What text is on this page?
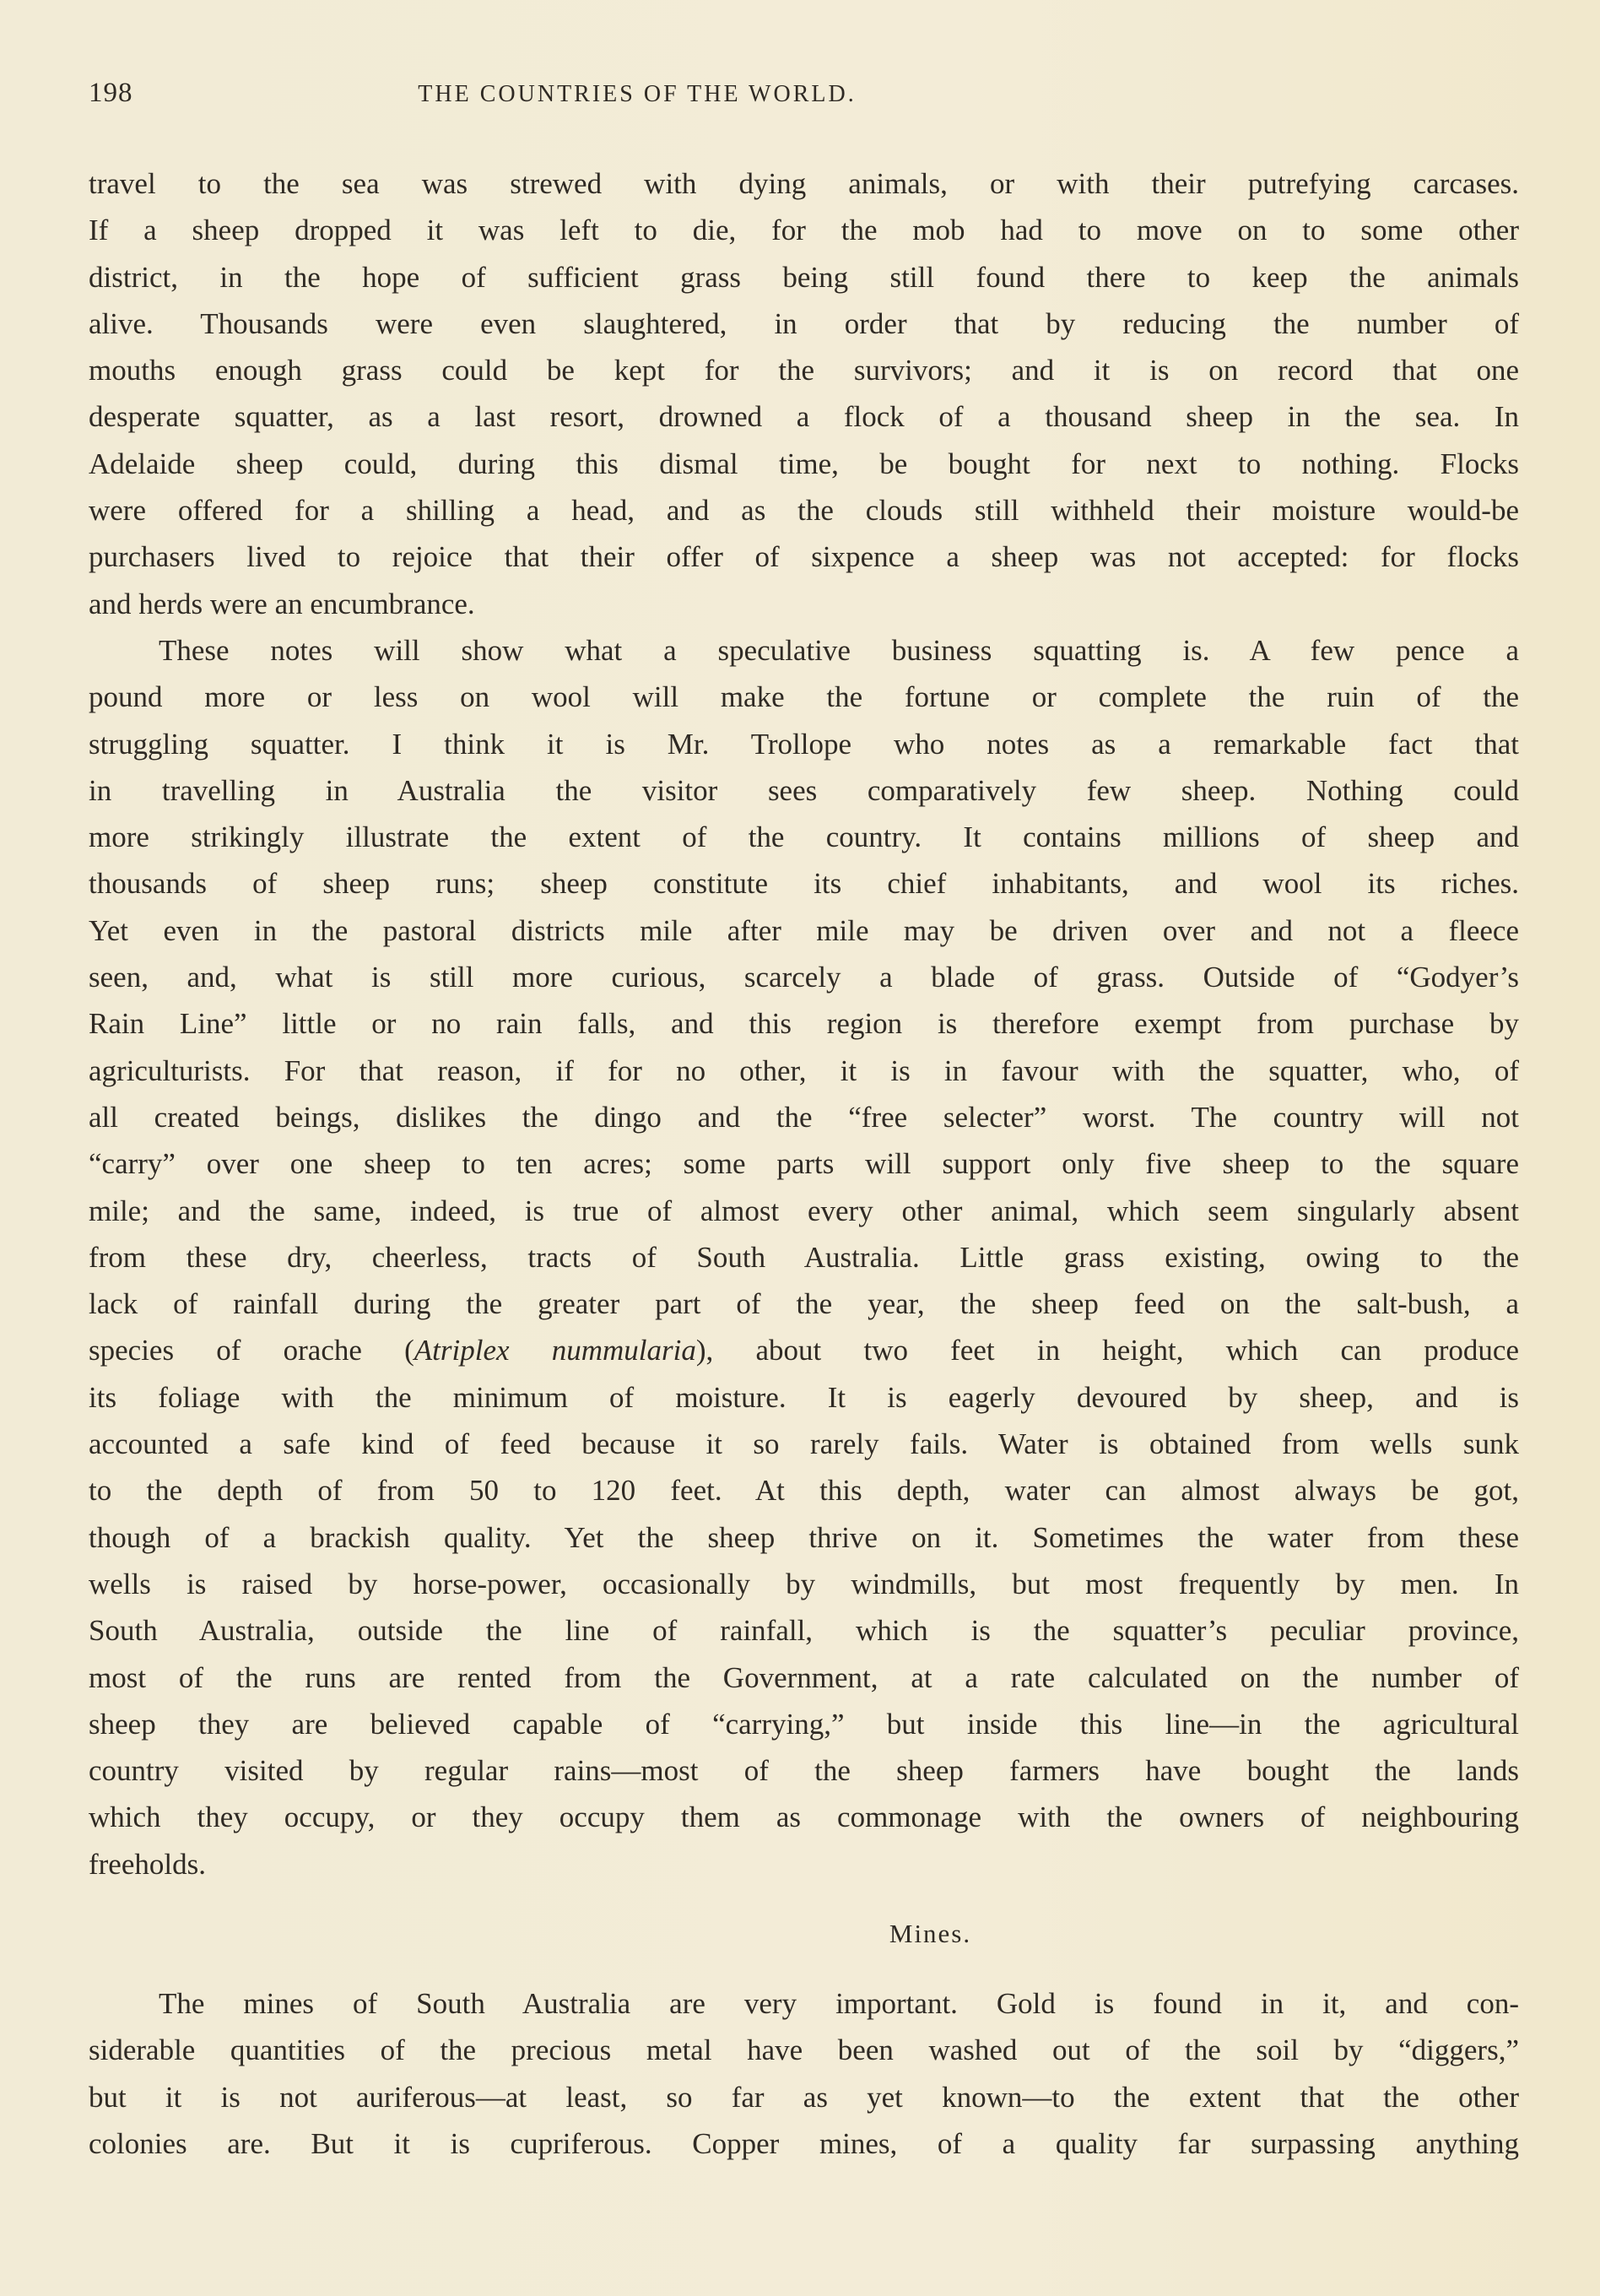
198	THE COUNTRIES OF THE WORLD.
travel to the sea was strewed with dying animals, or with their putrefying carcases.
If a sheep dropped it was left to die, for the mob had to move on to some other
district, in the hope of sufficient grass being still found there to keep the animals
alive. Thousands were even slaughtered, in order that by reducing the number of
mouths enough grass could be kept for the survivors; and it is on record that one
desperate squatter, as a last resort, drowned a flock of a thousand sheep in the sea. In
Adelaide sheep could, during this dismal time, be bought for next to nothing. Flocks
were offered for a shilling a head, and as the clouds still withheld their moisture would-be
purchasers lived to rejoice that their offer of sixpence a sheep was not accepted: for flocks
and herds were an encumbrance.
These notes will show what a speculative business squatting is. A few pence a
pound more or less on wool will make the fortune or complete the ruin of the
struggling squatter. I think it is Mr. Trollope who notes as a remarkable fact that
in travelling in Australia the visitor sees comparatively few sheep. Nothing could
more strikingly illustrate the extent of the country. It contains millions of sheep and
thousands of sheep runs; sheep constitute its chief inhabitants, and wool its riches.
Yet even in the pastoral districts mile after mile may be driven over and not a fleece
seen, and, what is still more curious, scarcely a blade of grass. Outside of “Godyer’s
Rain Line” little or no rain falls, and this region is therefore exempt from purchase by
agriculturists. For that reason, if for no other, it is in favour with the squatter, who, of
all created beings, dislikes the dingo and the “free selecter” worst. The country will not
“carry” over one sheep to ten acres; some parts will support only five sheep to the square
mile; and the same, indeed, is true of almost every other animal, which seem singularly absent
from these dry, cheerless, tracts of South Australia. Little grass existing, owing to the
lack of rainfall during the greater part of the year, the sheep feed on the salt-bush, a
species of orache (Atriplex nummularia), about two feet in height, which can produce
its foliage with the minimum of moisture. It is eagerly devoured by sheep, and is
accounted a safe kind of feed because it so rarely fails. Water is obtained from wells sunk
to the depth of from 50 to 120 feet. At this depth, water can almost always be got,
though of a brackish quality. Yet the sheep thrive on it. Sometimes the water from these
wells is raised by horse-power, occasionally by windmills, but most frequently by men. In
South Australia, outside the line of rainfall, which is the squatter’s peculiar province,
most of the runs are rented from the Government, at a rate calculated on the number of
sheep they are believed capable of “carrying,” but inside this line—in the agricultural
country visited by regular rains—most of the sheep farmers have bought the lands
which they occupy, or they occupy them as commonage with the owners of neighbouring
freeholds.
Mines.
The mines of South Australia are very important. Gold is found in it, and con-
siderable quantities of the precious metal have been washed out of the soil by “diggers,”
but it is not auriferous—at least, so far as yet known—to the extent that the other
colonies are. But it is cupriferous. Copper mines, of a quality far surpassing anything
